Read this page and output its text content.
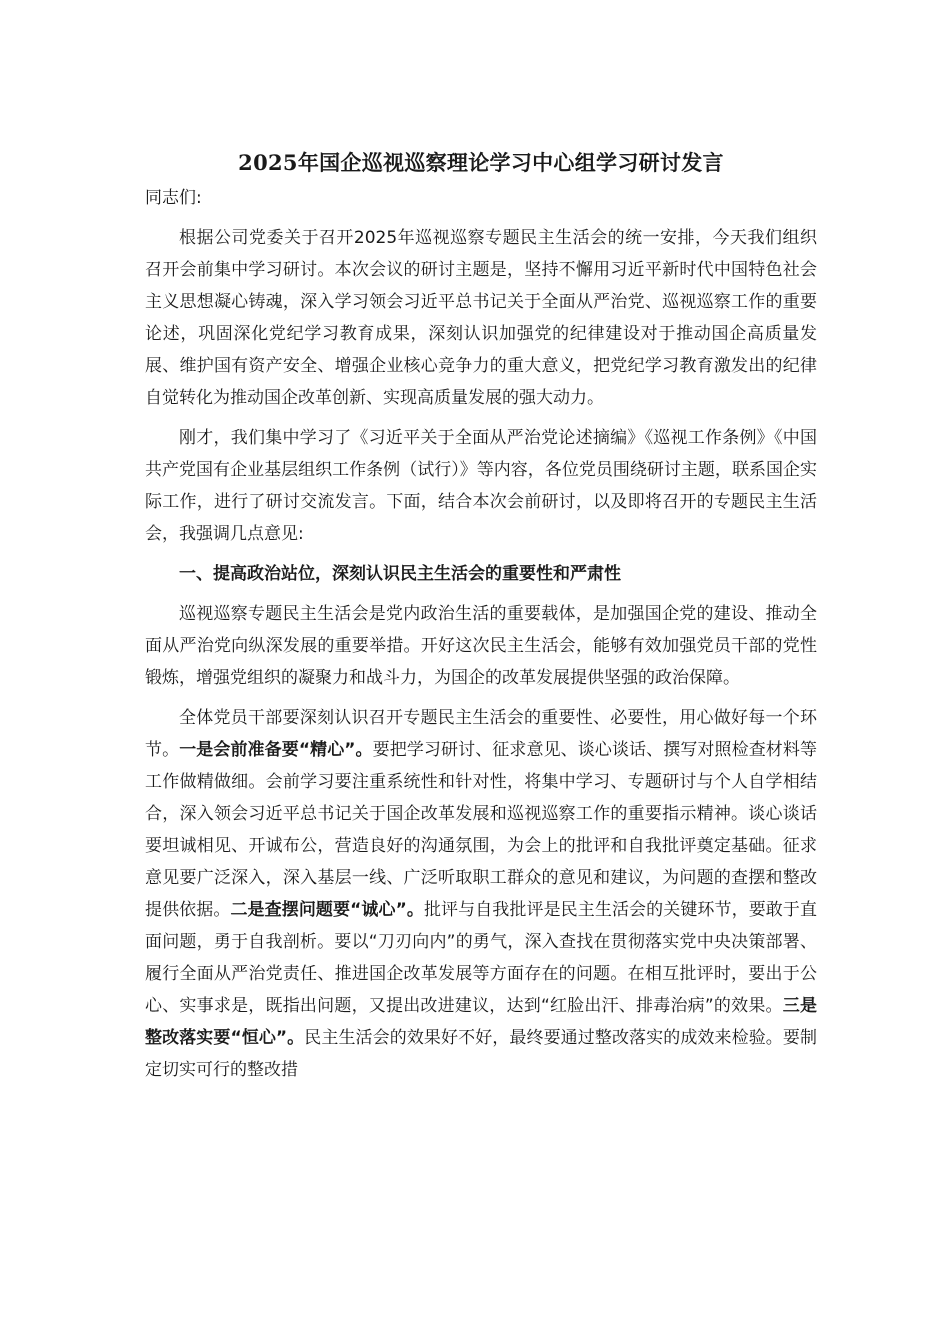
2025年国企巡视巡察理论学习中心组学习研讨发言

同志们:

根据公司党委关于召开2025年巡视巡察专题民主生活会的统一安排，今天我们组织召开会前集中学习研讨。本次会议的研讨主题是，坚持不懈用习近平新时代中国特色社会主义思想凝心铸魂，深入学习领会习近平总书记关于全面从严治党、巡视巡察工作的重要论述，巩固深化党纪学习教育成果，深刻认识加强党的纪律建设对于推动国企高质量发展、维护国有资产安全、增强企业核心竞争力的重大意义，把党纪学习教育激发出的纪律自觉转化为推动国企改革创新、实现高质量发展的强大动力。

刚才，我们集中学习了《习近平关于全面从严治党论述摘编》《巡视工作条例》《中国共产党国有企业基层组织工作条例（试行）》等内容，各位党员围绕研讨主题，联系国企实际工作，进行了研讨交流发言。下面，结合本次会前研讨，以及即将召开的专题民主生活会，我强调几点意见:

一、提高政治站位，深刻认识民主生活会的重要性和严肃性

巡视巡察专题民主生活会是党内政治生活的重要载体，是加强国企党的建设、推动全面从严治党向纵深发展的重要举措。开好这次民主生活会，能够有效加强党员干部的党性锻炼，增强党组织的凝聚力和战斗力，为国企的改革发展提供坚强的政治保障。

全体党员干部要深刻认识召开专题民主生活会的重要性、必要性，用心做好每一个环节。一是会前准备要“精心”。要把学习研讨、征求意见、谈心谈话、撰写对照检查材料等工作做精做细。会前学习要注重系统性和针对性，将集中学习、专题研讨与个人自学相结合，深入领会习近平总书记关于国企改革发展和巡视巡察工作的重要指示精神。谈心谈话要坦诚相见、开诚布公，营造良好的沟通氛围，为会上的批评和自我批评奠定基础。征求意见要广泛深入，深入基层一线、广泛听取职工群众的意见和建议，为问题的查摆和整改提供依据。二是查摆问题要“诚心”。批评与自我批评是民主生活会的关键环节，要敢于直面问题，勇于自我剖析。要以“刀刃向内”的勇气，深入查找在贯彻落实党中央决策部署、履行全面从严治党责任、推进国企改革发展等方面存在的问题。在相互批评时，要出于公心、实事求是，既指出问题，又提出改进建议，达到“红脸出汗、排毒治病”的效果。三是整改落实要“恒心”。民主生活会的效果好不好，最终要通过整改落实的成效来检验。要制定切实可行的整改措
